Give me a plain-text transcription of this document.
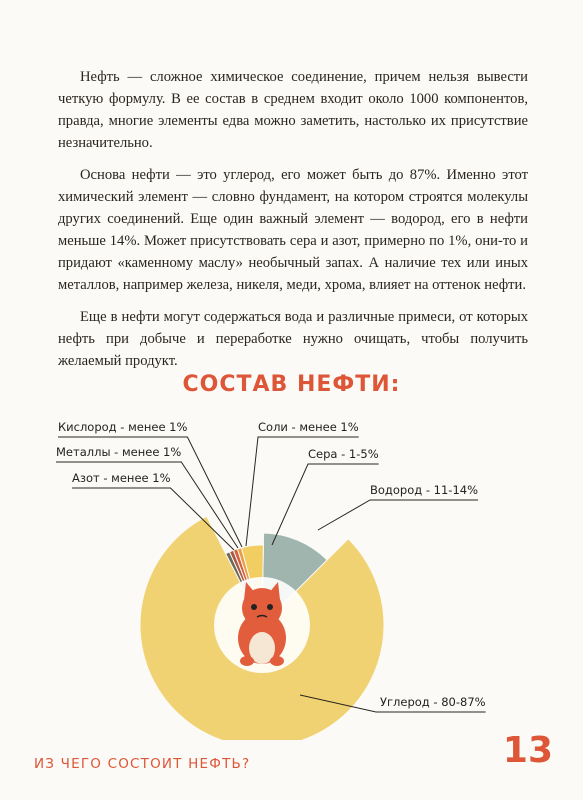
Нефть — сложное химическое соединение, причем нельзя вывести четкую формулу. В ее состав в среднем входит около 1000 компонентов, правда, многие элементы едва можно заметить, настолько их присутствие незначительно.

Основа нефти — это углерод, его может быть до 87%. Именно этот химический элемент — словно фундамент, на котором строятся молекулы других соединений. Еще один важный элемент — водород, его в нефти меньше 14%. Может присутствовать сера и азот, примерно по 1%, они-то и придают «каменному маслу» необычный запах. А наличие тех или иных металлов, например железа, никеля, меди, хрома, влияет на оттенок нефти.

Еще в нефти могут содержаться вода и различные примеси, от которых нефть при добыче и переработке нужно очищать, чтобы получить желаемый продукт.

СОСТАВ НЕФТИ:
Углерод - 80-87%
Водород - 11-14%
Сера - 1-5%
Соли - менее 1%
Кислород - менее 1%
Металлы - менее 1%
Азот - менее 1%
ИЗ ЧЕГО СОСТОИТ НЕФТЬ?	13
